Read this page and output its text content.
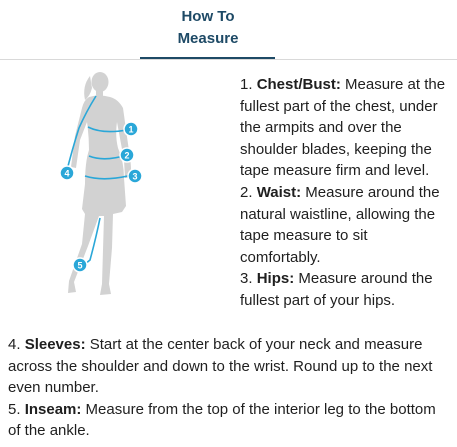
How To
Measure
1
2
3
4
5

1. Chest/Bust: Measure at the fullest part of the chest, under the armpits and over the shoulder blades, keeping the tape measure firm and level.

2. Waist: Measure around the natural waistline, allowing the tape measure to sit comfortably.

3. Hips: Measure around the fullest part of your hips.

4. Sleeves: Start at the center back of your neck and measure across the shoulder and down to the wrist. Round up to the next even number.

5. Inseam: Measure from the top of the interior leg to the bottom of the ankle.
